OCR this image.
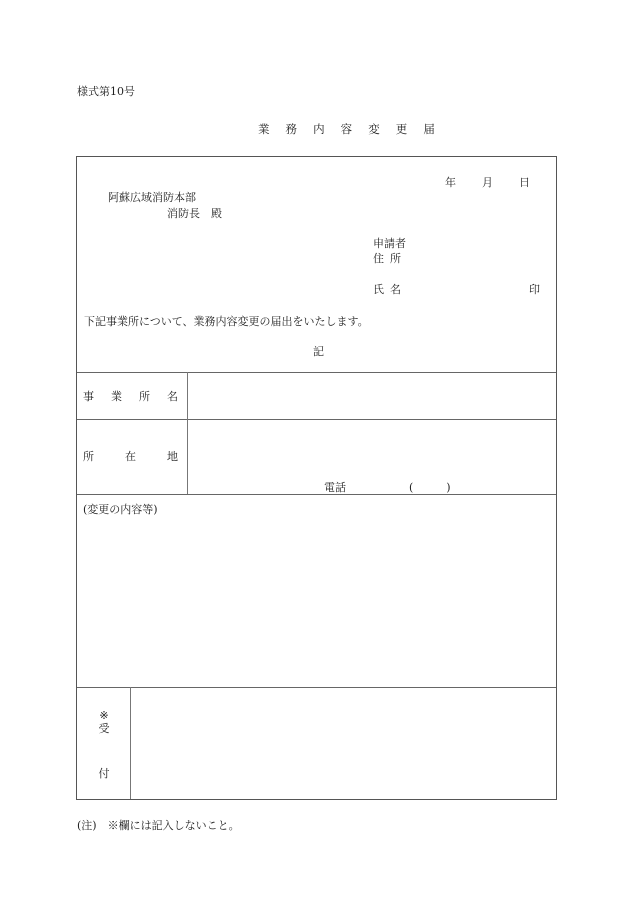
様式第10号
業 務 内 容 変 更 届
年 月 日
阿蘇広域消防本部
消防長　殿
申請者
住所
氏名	印
下記事業所について、業務内容変更の届出をいたします。
記
事 業 所 名
所	在	地
電話	(　　　)
(変更の内容等)
※
受
付
(注)　※欄には記入しないこと。
